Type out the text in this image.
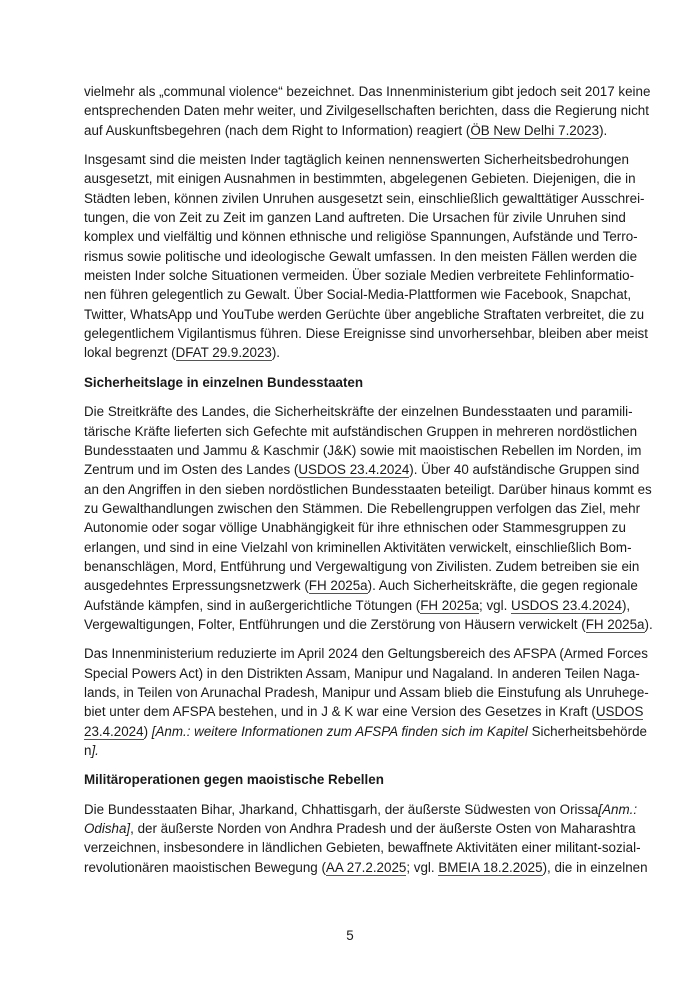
vielmehr als „communal violence“ bezeichnet. Das Innenministerium gibt jedoch seit 2017 keine
entsprechenden Daten mehr weiter, und Zivilgesellschaften berichten, dass die Regierung nicht
auf Auskunftsbegehren (nach dem Right to Information) reagiert (ÖB New Delhi 7.2023).
Insgesamt sind die meisten Inder tagtäglich keinen nennenswerten Sicherheitsbedrohungen
ausgesetzt, mit einigen Ausnahmen in bestimmten, abgelegenen Gebieten. Diejenigen, die in
Städten leben, können zivilen Unruhen ausgesetzt sein, einschließlich gewalttätiger Ausschrei-
tungen, die von Zeit zu Zeit im ganzen Land auftreten. Die Ursachen für zivile Unruhen sind
komplex und vielfältig und können ethnische und religiöse Spannungen, Aufstände und Terro-
rismus sowie politische und ideologische Gewalt umfassen. In den meisten Fällen werden die
meisten Inder solche Situationen vermeiden. Über soziale Medien verbreitete Fehlinformatio-
nen führen gelegentlich zu Gewalt. Über Social-Media-Plattformen wie Facebook, Snapchat,
Twitter, WhatsApp und YouTube werden Gerüchte über angebliche Straftaten verbreitet, die zu
gelegentlichem Vigilantismus führen. Diese Ereignisse sind unvorhersehbar, bleiben aber meist
lokal begrenzt (DFAT 29.9.2023).
Sicherheitslage in einzelnen Bundesstaaten
Die Streitkräfte des Landes, die Sicherheitskräfte der einzelnen Bundesstaaten und paramili-
tärische Kräfte lieferten sich Gefechte mit aufständischen Gruppen in mehreren nordöstlichen
Bundesstaaten und Jammu & Kaschmir (J&K) sowie mit maoistischen Rebellen im Norden, im
Zentrum und im Osten des Landes (USDOS 23.4.2024). Über 40 aufständische Gruppen sind
an den Angriffen in den sieben nordöstlichen Bundesstaaten beteiligt. Darüber hinaus kommt es
zu Gewalthandlungen zwischen den Stämmen. Die Rebellengruppen verfolgen das Ziel, mehr
Autonomie oder sogar völlige Unabhängigkeit für ihre ethnischen oder Stammesgruppen zu
erlangen, und sind in eine Vielzahl von kriminellen Aktivitäten verwickelt, einschließlich Bom-
benanschlägen, Mord, Entführung und Vergewaltigung von Zivilisten. Zudem betreiben sie ein
ausgedehntes Erpressungsnetzwerk (FH 2025a). Auch Sicherheitskräfte, die gegen regionale
Aufstände kämpfen, sind in außergerichtliche Tötungen (FH 2025a; vgl. USDOS 23.4.2024),
Vergewaltigungen, Folter, Entführungen und die Zerstörung von Häusern verwickelt (FH 2025a).
Das Innenministerium reduzierte im April 2024 den Geltungsbereich des AFSPA (Armed Forces
Special Powers Act) in den Distrikten Assam, Manipur und Nagaland. In anderen Teilen Naga-
lands, in Teilen von Arunachal Pradesh, Manipur und Assam blieb die Einstufung als Unruhege-
biet unter dem AFSPA bestehen, und in J & K war eine Version des Gesetzes in Kraft (USDOS
23.4.2024) [Anm.: weitere Informationen zum AFSPA finden sich im Kapitel Sicherheitsbehörde
n].
Militäroperationen gegen maoistische Rebellen
Die Bundesstaaten Bihar, Jharkand, Chhattisgarh, der äußerste Südwesten von Orissa[Anm.:
Odisha], der äußerste Norden von Andhra Pradesh und der äußerste Osten von Maharashtra
verzeichnen, insbesondere in ländlichen Gebieten, bewaffnete Aktivitäten einer militant-sozial-
revolutionären maoistischen Bewegung (AA 27.2.2025; vgl. BMEIA 18.2.2025), die in einzelnen
5
